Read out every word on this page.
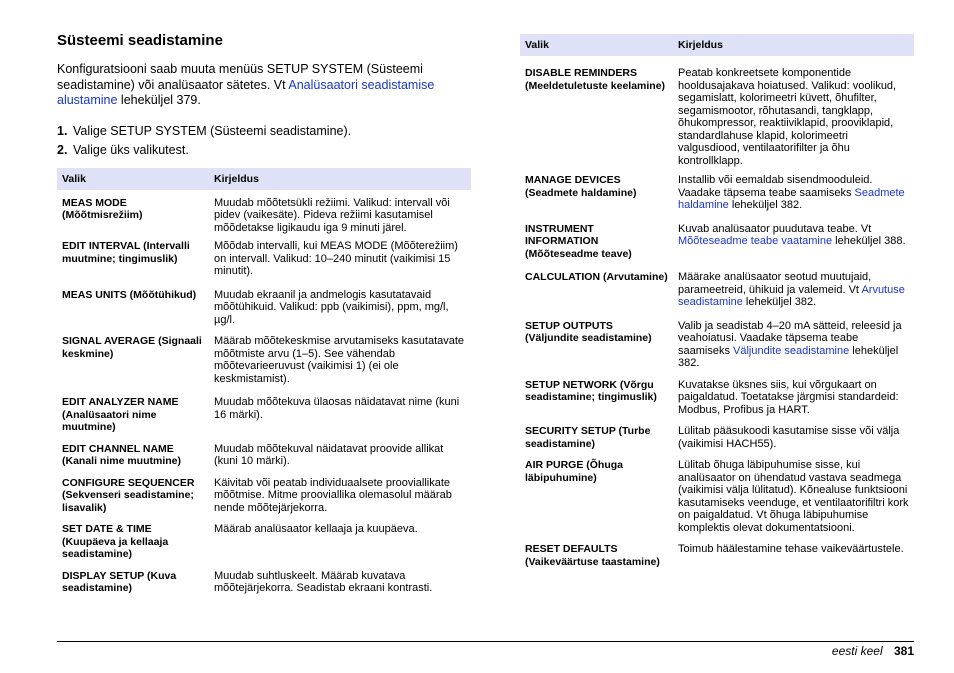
Süsteemi seadistamine

Konfiguratsiooni saab muuta menüüs SETUP SYSTEM (Süsteemi seadistamine) või analüsaator sätetes. Vt Analüsaatori seadistamise alustamine leheküljel 379.

1. Valige SETUP SYSTEM (Süsteemi seadistamine).
2. Valige üks valikutest.
Valik	Kirjeldus
MEAS MODE (Mõõtmisrežiim)	Muudab mõõtetsükli režiimi. Valikud: intervall või pidev (vaikesäte). Pideva režiimi kasutamisel mõõdetakse ligikaudu iga 9 minuti järel.
EDIT INTERVAL (Intervalli muutmine; tingimuslik)	Mõõdab intervalli, kui MEAS MODE (Mõõterežiim) on intervall. Valikud: 10–240 minutit (vaikimisi 15 minutit).
MEAS UNITS (Mõõtühikud)	Muudab ekraanil ja andmelogis kasutatavaid mõõtühikuid. Valikud: ppb (vaikimisi), ppm, mg/l, µg/l.
SIGNAL AVERAGE (Signaali keskmine)	Määrab mõõtekeskmise arvutamiseks kasutatavate mõõtmiste arvu (1–5). See vähendab mõõtevarieeruvust (vaikimisi 1) (ei ole keskmistamist).
EDIT ANALYZER NAME (Analüsaatori nime muutmine)	Muudab mõõtekuva ülaosas näidatavat nime (kuni 16 märki).
EDIT CHANNEL NAME (Kanali nime muutmine)	Muudab mõõtekuval näidatavat proovide allikat (kuni 10 märki).
CONFIGURE SEQUENCER (Sekvenseri seadistamine; lisavalik)	Käivitab või peatab individuaalsete prooviallikate mõõtmise. Mitme prooviallika olemasolul määrab nende mõõtejärjekorra.
SET DATE & TIME (Kuupäeva ja kellaaja seadistamine)	Määrab analüsaator kellaaja ja kuupäeva.
DISPLAY SETUP (Kuva seadistamine)	Muudab suhtluskeelt. Määrab kuvatava mõõtejärjekorra. Seadistab ekraani kontrasti.
Valik	Kirjeldus
DISABLE REMINDERS (Meeldetuletuste keelamine)	Peatab konkreetsete komponentide hooldusajakava hoiatused. Valikud: voolikud, segamislatt, kolorimeetri küvett, õhufilter, segamismootor, rõhutasandi, tangklapp, õhukompressor, reaktiiviklapid, prooviklapid, standardlahuse klapid, kolorimeetri valgusdiood, ventilaatorifilter ja õhu kontrollklapp.
MANAGE DEVICES (Seadmete haldamine)	Installib või eemaldab sisendmooduleid. Vaadake täpsema teabe saamiseks Seadmete haldamine leheküljel 382.
INSTRUMENT INFORMATION (Mõõteseadme teave)	Kuvab analüsaator puudutava teabe. Vt Mõõteseadme teabe vaatamine leheküljel 388.
CALCULATION (Arvutamine)	Määrake analüsaator seotud muutujaid, parameetreid, ühikuid ja valemeid. Vt Arvutuse seadistamine leheküljel 382.
SETUP OUTPUTS (Väljundite seadistamine)	Valib ja seadistab 4–20 mA sätteid, releesid ja veahoiatusi. Vaadake täpsema teabe saamiseks Väljundite seadistamine leheküljel 382.
SETUP NETWORK (Võrgu seadistamine; tingimuslik)	Kuvatakse üksnes siis, kui võrgukaart on paigaldatud. Toetatakse järgmisi standardeid: Modbus, Profibus ja HART.
SECURITY SETUP (Turbe seadistamine)	Lülitab pääsukoodi kasutamise sisse või välja (vaikimisi HACH55).
AIR PURGE (Õhuga läbipuhumine)	Lülitab õhuga läbipuhumise sisse, kui analüsaator on ühendatud vastava seadmega (vaikimisi välja lülitatud). Kõnealuse funktsiooni kasutamiseks veenduge, et ventilaatorifiltri kork on paigaldatud. Vt õhuga läbipuhumise komplektis olevat dokumentatsiooni.
RESET DEFAULTS (Vaikeväärtuse taastamine)	Toimub häälestamine tehase vaikeväärtustele.
eesti keel 381
